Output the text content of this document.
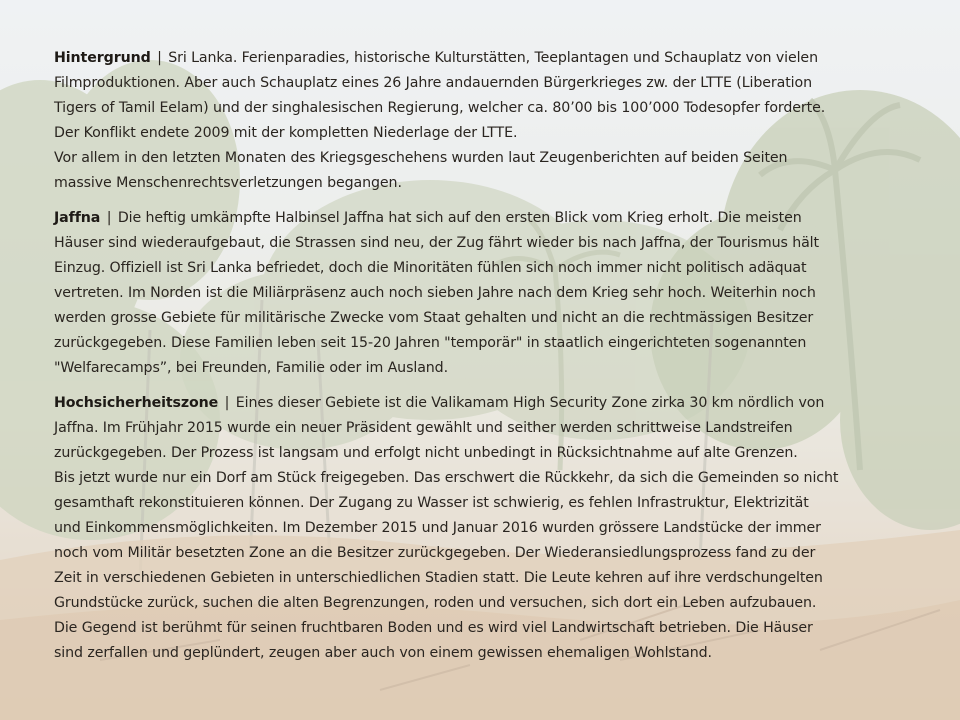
Hintergrund | Sri Lanka. Ferienparadies, historische Kulturstätten, Teeplantagen und Schauplatz von vielen
Filmproduktionen. Aber auch Schauplatz eines 26 Jahre andauernden Bürgerkrieges zw. der LTTE (Liberation
Tigers of Tamil Eelam) und der singhalesischen Regierung, welcher ca. 80’00 bis 100’000 Todesopfer forderte.
Der Konflikt endete 2009 mit der kompletten Niederlage der LTTE.
Vor allem in den letzten Monaten des Kriegsgeschehens wurden laut Zeugenberichten auf beiden Seiten
massive Menschenrechtsverletzungen begangen.

Jaffna | Die heftig umkämpfte Halbinsel Jaffna hat sich auf den ersten Blick vom Krieg erholt. Die meisten
Häuser sind wiederaufgebaut, die Strassen sind neu, der Zug fährt wieder bis nach Jaffna, der Tourismus hält
Einzug. Offiziell ist Sri Lanka befriedet, doch die Minoritäten fühlen sich noch immer nicht politisch adäquat
vertreten. Im Norden ist die Miliärpräsenz auch noch sieben Jahre nach dem Krieg sehr hoch. Weiterhin noch
werden grosse Gebiete für militärische Zwecke vom Staat gehalten und nicht an die rechtmässigen Besitzer
zurückgegeben. Diese Familien leben seit 15-20 Jahren "temporär" in staatlich eingerichteten sogenannten
"Welfarecamps”, bei Freunden, Familie oder im Ausland.

Hochsicherheitszone | Eines dieser Gebiete ist die Valikamam High Security Zone zirka 30 km nördlich von
Jaffna. Im Frühjahr 2015 wurde ein neuer Präsident gewählt und seither werden schrittweise Landstreifen
zurückgegeben. Der Prozess ist langsam und erfolgt nicht unbedingt in Rücksichtnahme auf alte Grenzen.
Bis jetzt wurde nur ein Dorf am Stück freigegeben. Das erschwert die Rückkehr, da sich die Gemeinden so nicht
gesamthaft rekonstituieren können. Der Zugang zu Wasser ist schwierig, es fehlen Infrastruktur, Elektrizität
und Einkommensmöglichkeiten. Im Dezember 2015 und Januar 2016 wurden grössere Landstücke der immer
noch vom Militär besetzten Zone an die Besitzer zurückgegeben. Der Wiederansiedlungsprozess fand zu der
Zeit in verschiedenen Gebieten in unterschiedlichen Stadien statt. Die Leute kehren auf ihre verdschungelten
Grundstücke zurück, suchen die alten Begrenzungen, roden und versuchen, sich dort ein Leben aufzubauen.
Die Gegend ist berühmt für seinen fruchtbaren Boden und es wird viel Landwirtschaft betrieben. Die Häuser
sind zerfallen und geplündert, zeugen aber auch von einem gewissen ehemaligen Wohlstand.
